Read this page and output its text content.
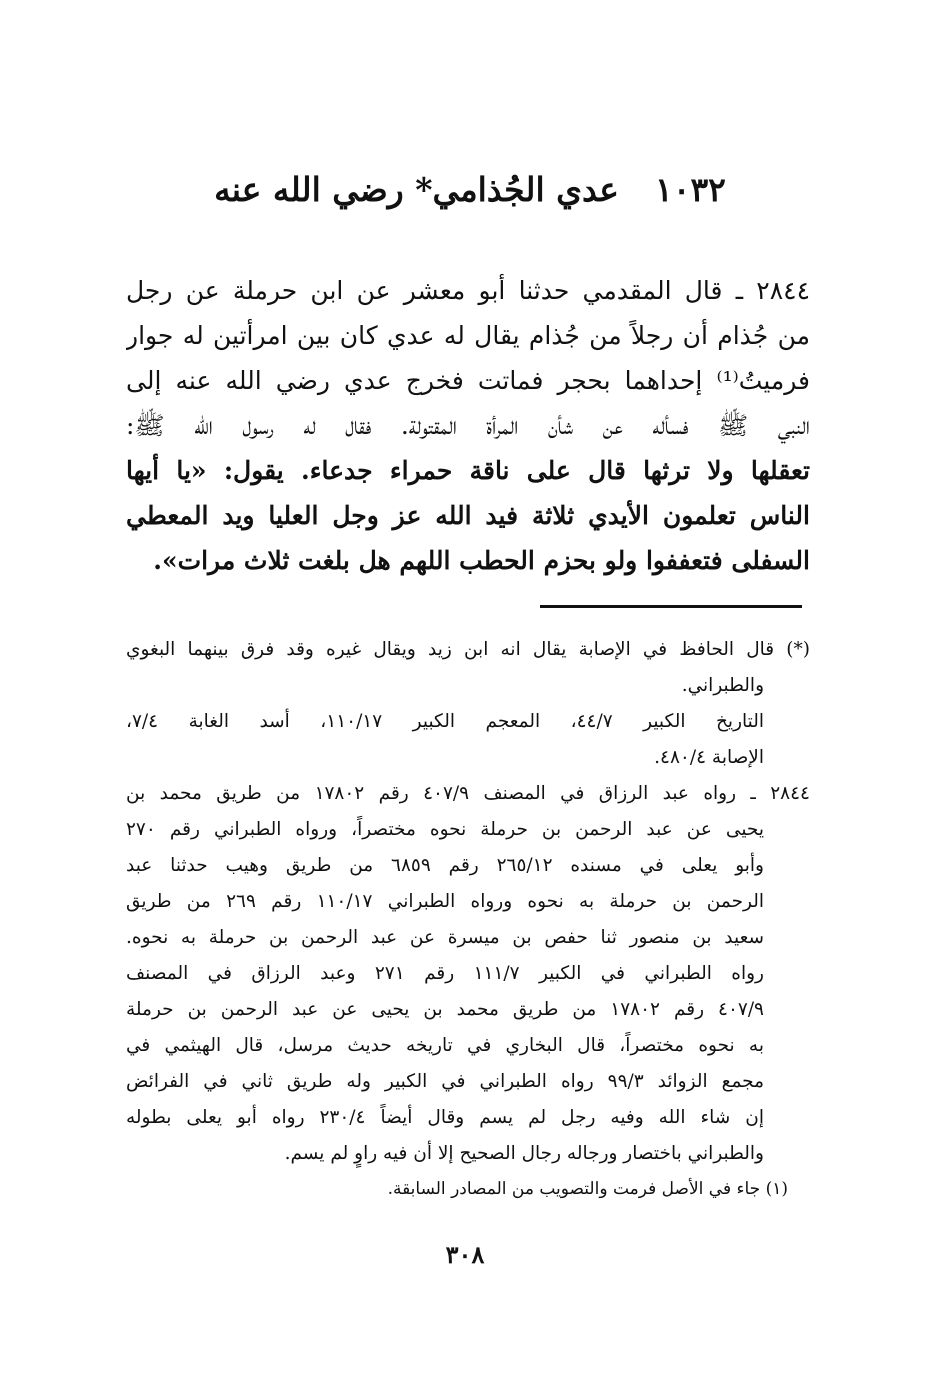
١٠٣٢عدي الجُذامي* رضي الله عنه
٢٨٤٤ ـ قال المقدمي حدثنا أبو معشر عن ابن حرملة عن رجل
من جُذام أن رجلاً من جُذام يقال له عدي كان بين امرأتين له جوار
فرميتُ⁽¹⁾ إحداهما بحجر فماتت فخرج عدي رضي الله عنه إلى
النبي ﷺ فسأله عن شأن المرأة المقتولة. فقال له رسول الله ﷺ:
تعقلها ولا ترثها قال على ناقة حمراء جدعاء. يقول: «يا أيها
الناس تعلمون الأيدي ثلاثة فيد الله عز وجل العليا ويد المعطي
السفلى فتعففوا ولو بحزم الحطب اللهم هل بلغت ثلاث مرات».
(*) قال الحافظ في الإصابة يقال انه ابن زيد ويقال غيره وقد فرق بينهما البغوي
والطبراني.
التاريخ الكبير ٤٤/٧، المعجم الكبير ١١٠/١٧، أسد الغابة ٧/٤،
الإصابة ٤٨٠/٤.
٢٨٤٤ ـ رواه عبد الرزاق في المصنف ٤٠٧/٩ رقم ١٧٨٠٢ من طريق محمد بن
يحيى عن عبد الرحمن بن حرملة نحوه مختصراً، ورواه الطبراني رقم ٢٧٠
وأبو يعلى في مسنده ٢٦٥/١٢ رقم ٦٨٥٩ من طريق وهيب حدثنا عبد
الرحمن بن حرملة به نحوه ورواه الطبراني ١١٠/١٧ رقم ٢٦٩ من طريق
سعيد بن منصور ثنا حفص بن ميسرة عن عبد الرحمن بن حرملة به نحوه.
رواه الطبراني في الكبير ١١١/٧ رقم ٢٧١ وعبد الرزاق في المصنف
٤٠٧/٩ رقم ١٧٨٠٢ من طريق محمد بن يحيى عن عبد الرحمن بن حرملة
به نحوه مختصراً، قال البخاري في تاريخه حديث مرسل، قال الهيثمي في
مجمع الزوائد ٩٩/٣ رواه الطبراني في الكبير وله طريق ثاني في الفرائض
إن شاء الله وفيه رجل لم يسم وقال أيضاً ٢٣٠/٤ رواه أبو يعلى بطوله
والطبراني باختصار ورجاله رجال الصحيح إلا أن فيه راوٍ لم يسم.
(١) جاء في الأصل فرمت والتصويب من المصادر السابقة.
٣٠٨
